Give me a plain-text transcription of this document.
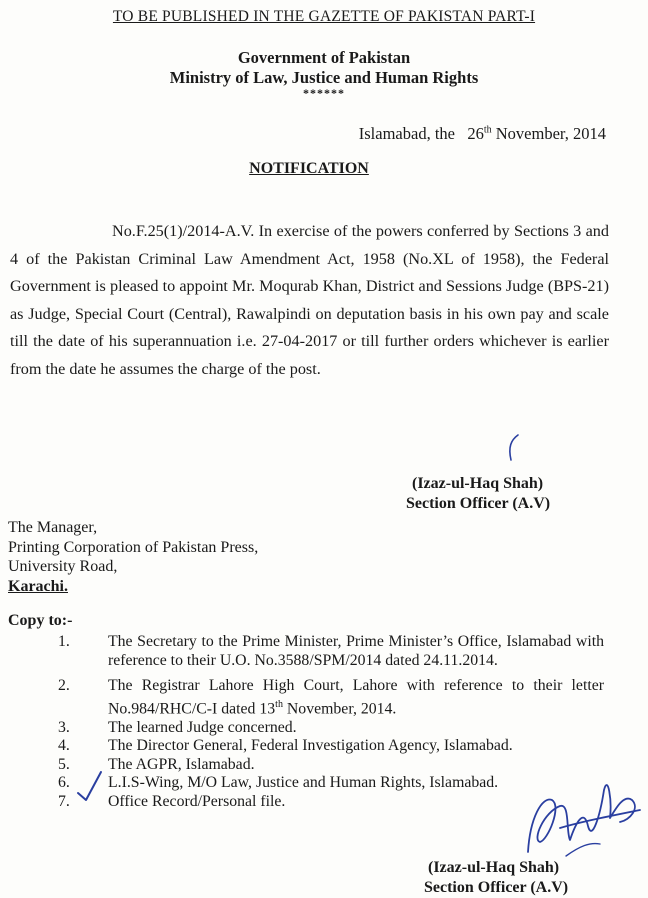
TO BE PUBLISHED IN THE GAZETTE OF PAKISTAN PART-I
Government of Pakistan
Ministry of Law, Justice and Human Rights
******
Islamabad, the 26th November, 2014
NOTIFICATION
No.F.25(1)/2014-A.V. In exercise of the powers conferred by Sections 3 and 4 of the Pakistan Criminal Law Amendment Act, 1958 (No.XL of 1958), the Federal Government is pleased to appoint Mr. Moqurab Khan, District and Sessions Judge (BPS-21) as Judge, Special Court (Central), Rawalpindi on deputation basis in his own pay and scale till the date of his superannuation i.e. 27-04-2017 or till further orders whichever is earlier from the date he assumes the charge of the post.
(Izaz-ul-Haq Shah)
Section Officer (A.V)
The Manager,
Printing Corporation of Pakistan Press,
University Road,
Karachi.
Copy to:-
1.	The Secretary to the Prime Minister, Prime Minister’s Office, Islamabad with reference to their U.O. No.3588/SPM/2014 dated 24.11.2014.
2.	The Registrar Lahore High Court, Lahore with reference to their letter No.984/RHC/C-I dated 13th November, 2014.
3.	The learned Judge concerned.
4.	The Director General, Federal Investigation Agency, Islamabad.
5.	The AGPR, Islamabad.
6.	L.I.S-Wing, M/O Law, Justice and Human Rights, Islamabad.
7.	Office Record/Personal file.
(Izaz-ul-Haq Shah)
Section Officer (A.V)
